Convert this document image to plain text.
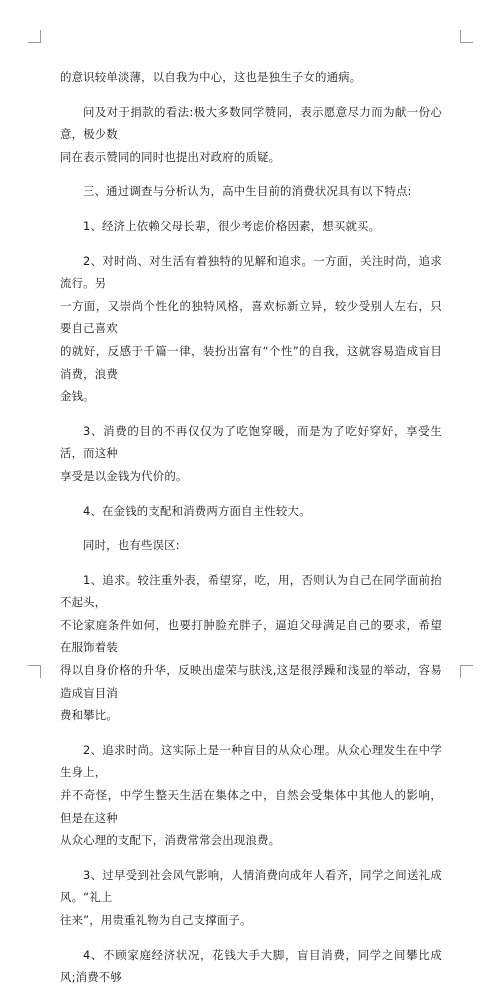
的意识较单淡薄，以自我为中心，这也是独生子女的通病。

问及对于捐款的看法:极大多数同学赞同，表示愿意尽力而为献一份心意，极少数
同在表示赞同的同时也提出对政府的质疑。

三、通过调查与分析认为，高中生目前的消费状况具有以下特点:

1、经济上依赖父母长辈，很少考虑价格因素，想买就买。

2、对时尚、对生活有着独特的见解和追求。一方面，关注时尚，追求流行。另
一方面，又崇尚个性化的独特风格，喜欢标新立异，较少受别人左右，只要自己喜欢
的就好，反感于千篇一律，装扮出富有“个性”的自我，这就容易造成盲目消费，浪费
金钱。

3、消费的目的不再仅仅为了吃饱穿暖，而是为了吃好穿好，享受生活，而这种
享受是以金钱为代价的。

4、在金钱的支配和消费两方面自主性较大。

同时，也有些误区:

1、追求。较注重外表，希望穿，吃，用，否则认为自己在同学面前抬不起头，
不论家庭条件如何，也要打肿脸充胖子，逼迫父母满足自己的要求，希望在服饰着装
得以自身价格的升华，反映出虚荣与肤浅,这是很浮躁和浅显的举动，容易造成盲目消
费和攀比。

2、追求时尚。这实际上是一种盲目的从众心理。从众心理发生在中学生身上，
并不奇怪，中学生整天生活在集体之中，自然会受集体中其他人的影响，但是在这种
从众心理的支配下，消费常常会出现浪费。

3、过早受到社会风气影响，人情消费向成年人看齐，同学之间送礼成风。“礼上
往来”，用贵重礼物为自己支撑面子。

4、不顾家庭经济状况，花钱大手大脚，盲目消费，同学之间攀比成风;消费不够
